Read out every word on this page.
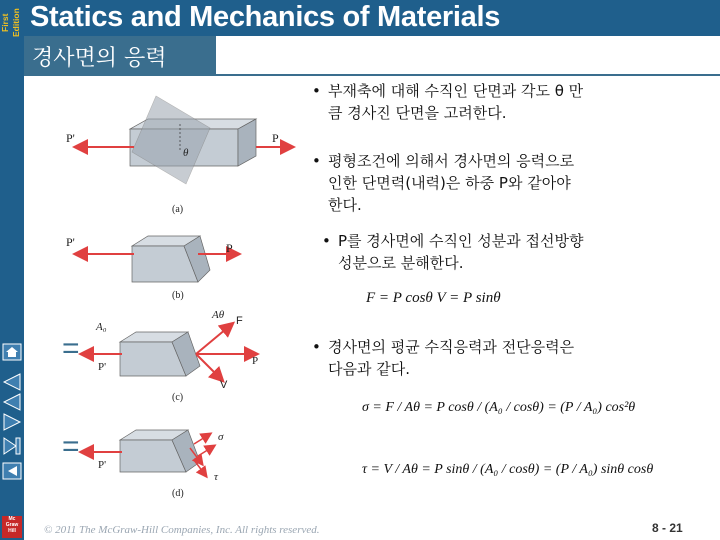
First Edition Statics and Mechanics of Materials
경사면의 응력
P'	P
θ
(a)
P'	P
(b)
=
A₀
Aθ F
V
P
P'
(c)
=	σ
τ
P'
(d)
• 부재축에 대해 수직인 단면과 각도 θ 만
큼 경사진 단면을 고려한다.
• 평형조건에 의해서 경사면의 응력으로
인한 단면력(내력)은 하중 P와 같아야
한다.
• P를 경사면에 수직인 성분과 접선방향
성분으로 분해한다.
F = P cosθ V = P sinθ
• 경사면의 평균 수직응력과 전단응력은
다음과 같다.
σ = F / Aθ = P cosθ / (A₀ / cosθ) = (P / A₀) cos²θ
τ = V / Aθ = P sinθ / (A₀ / cosθ) = (P / A₀) sinθ cosθ
Mc Graw Hill	© 2011 The McGraw-Hill Companies, Inc. All rights reserved.	8 - 21
